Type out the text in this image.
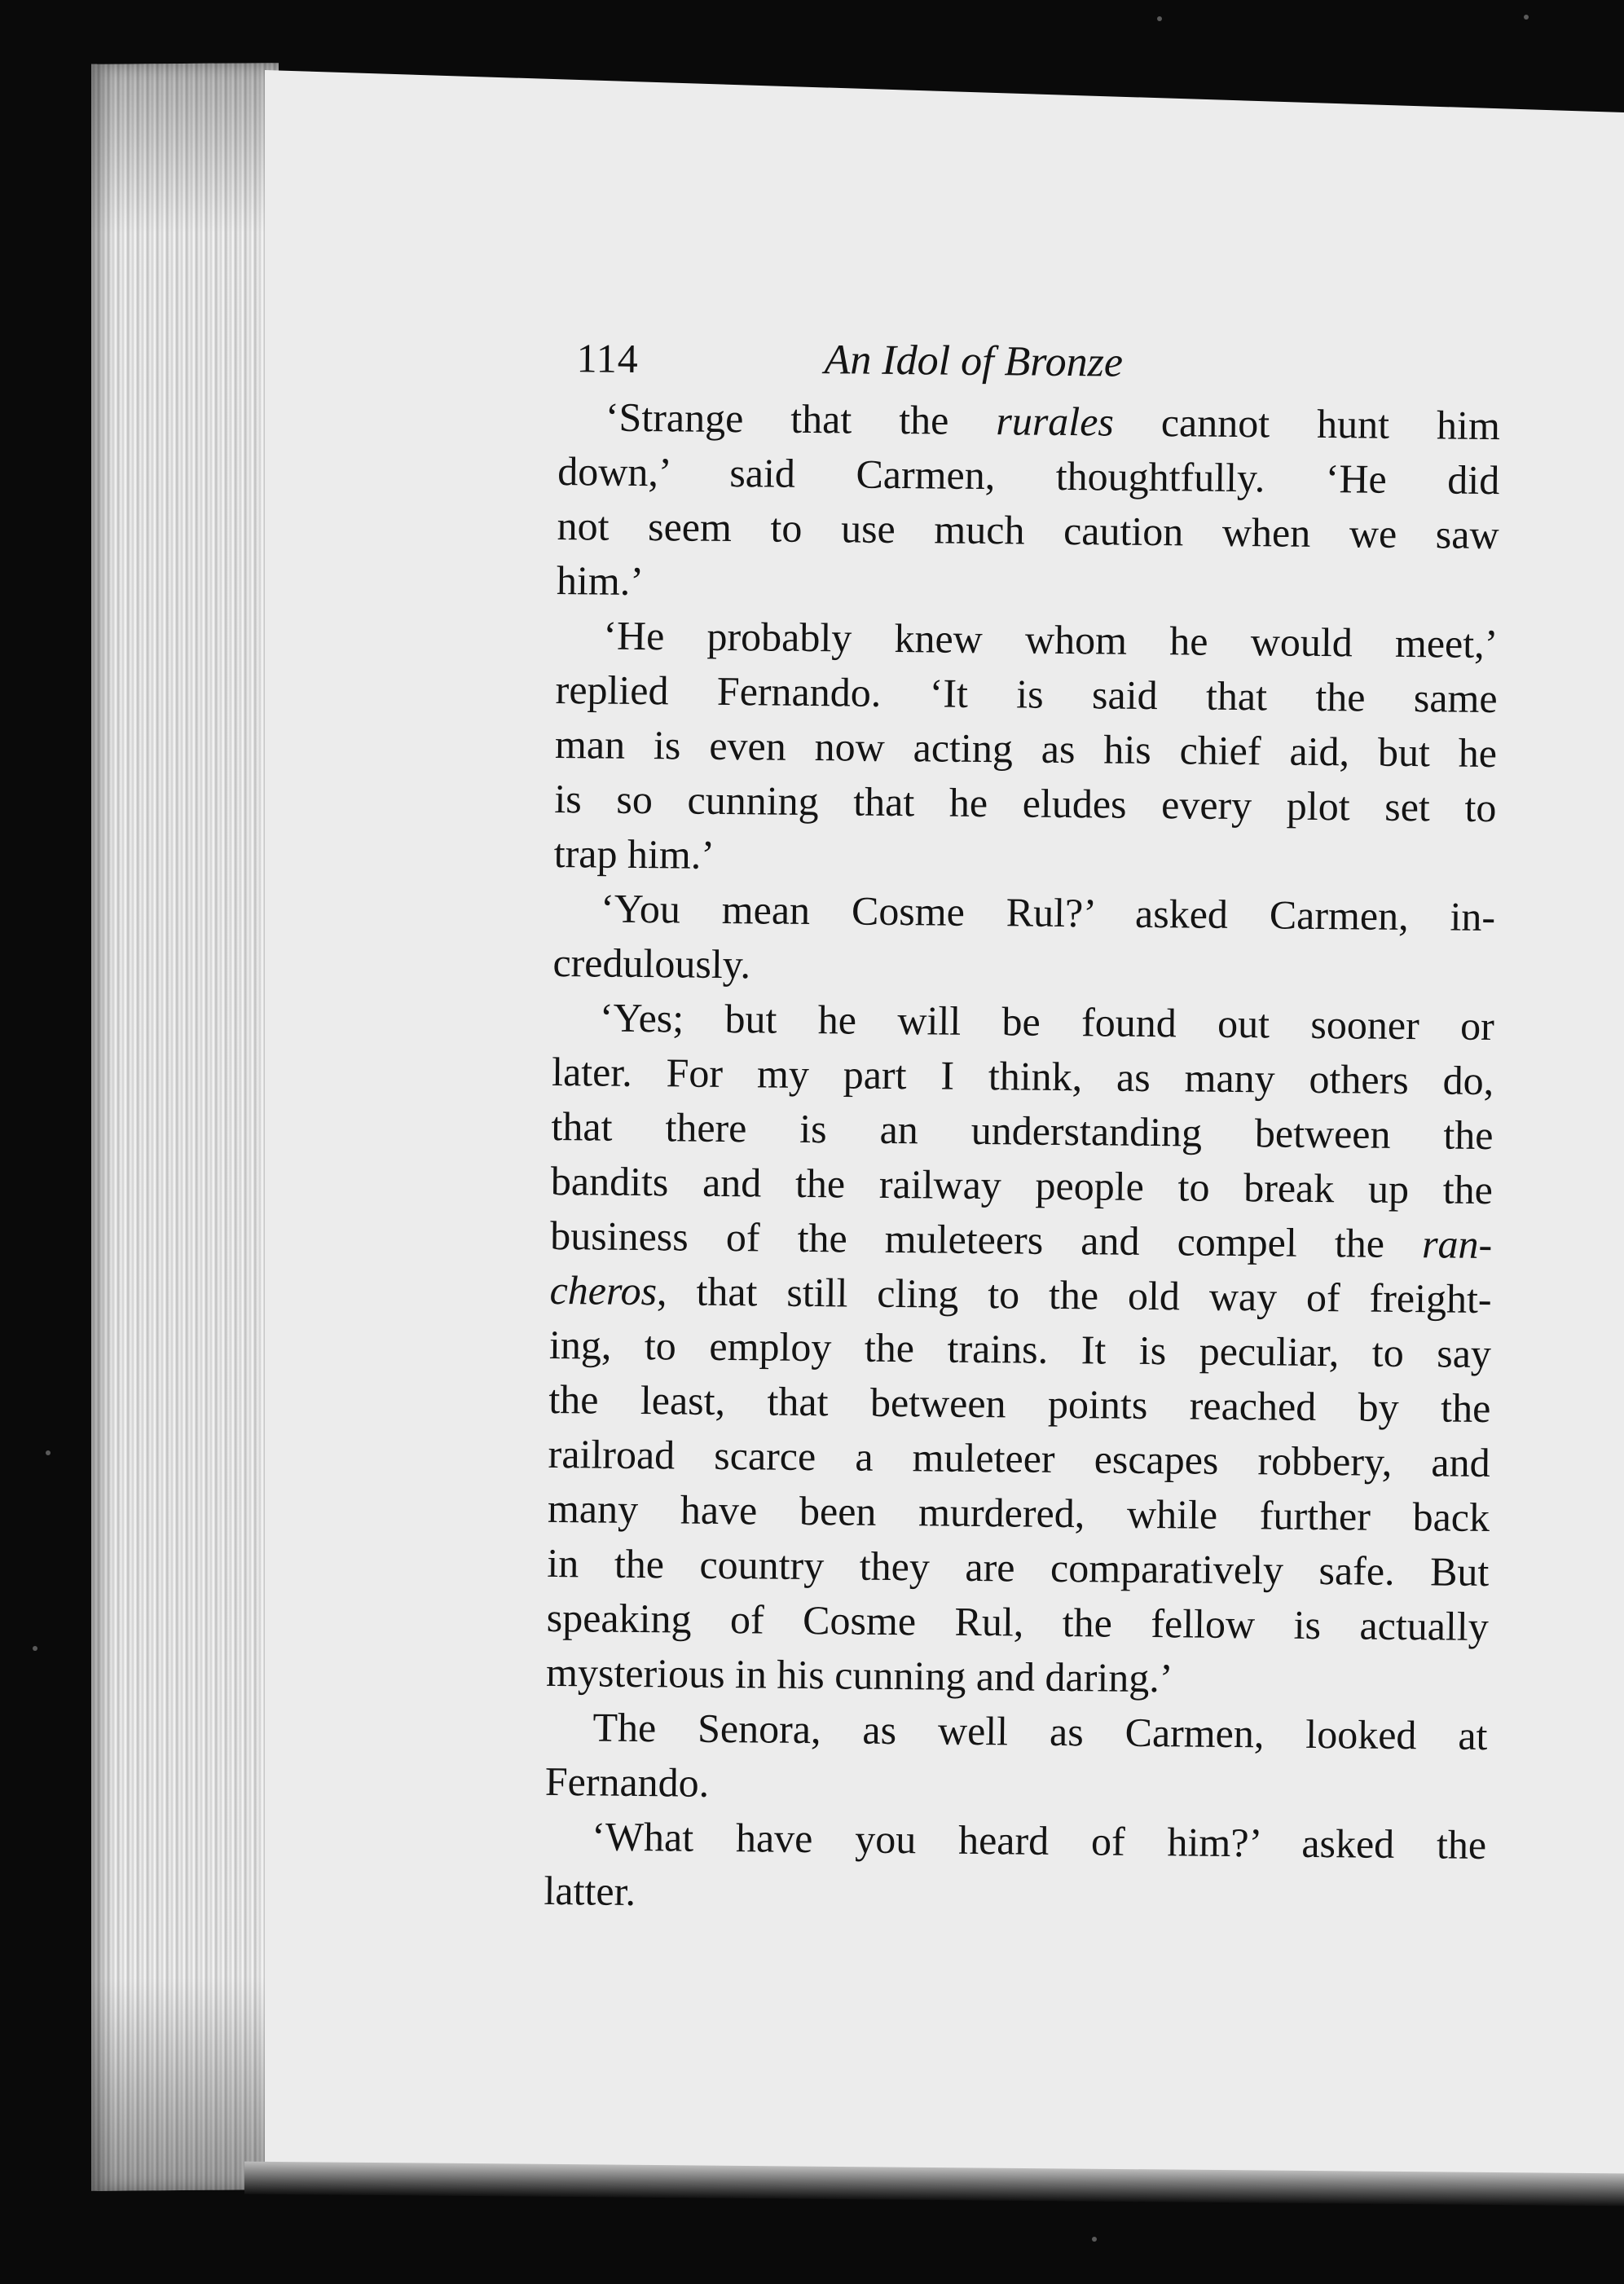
114	An Idol of Bronze
‘Strange that the rurales cannot hunt him
down,’ said Carmen, thoughtfully. ‘He did
not seem to use much caution when we saw
him.’
‘He probably knew whom he would meet,’
replied Fernando. ‘It is said that the same
man is even now acting as his chief aid, but he
is so cunning that he eludes every plot set to
trap him.’
‘You mean Cosme Rul?’ asked Carmen, in-
credulously.
‘Yes; but he will be found out sooner or
later. For my part I think, as many others do,
that there is an understanding between the
bandits and the railway people to break up the
business of the muleteers and compel the ran-
cheros, that still cling to the old way of freight-
ing, to employ the trains. It is peculiar, to say
the least, that between points reached by the
railroad scarce a muleteer escapes robbery, and
many have been murdered, while further back
in the country they are comparatively safe. But
speaking of Cosme Rul, the fellow is actually
mysterious in his cunning and daring.’
The Senora, as well as Carmen, looked at
Fernando.
‘What have you heard of him?’ asked the
latter.
